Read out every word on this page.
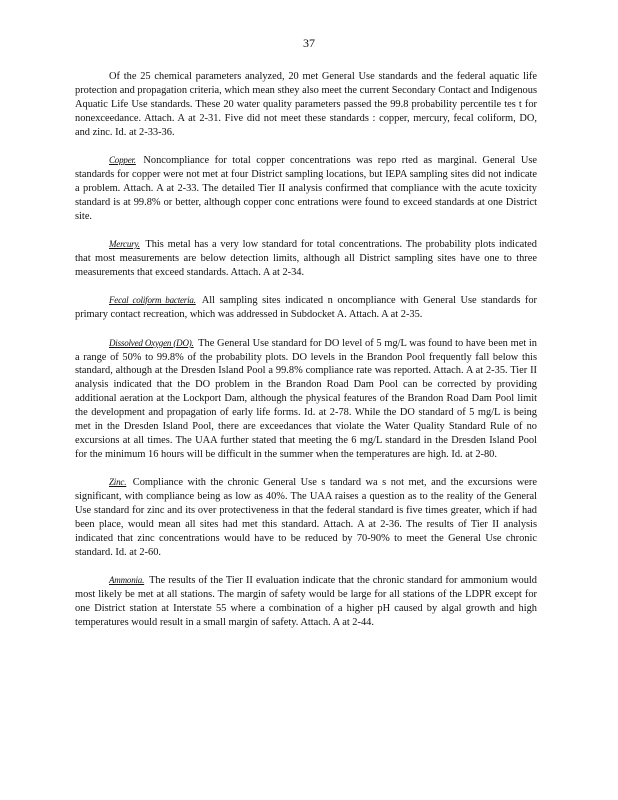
37

Of the 25 chemical parameters analyzed, 20 met General Use standards and the federal aquatic life protection and propagation criteria, which mean sthey also meet the current Secondary Contact and Indigenous Aquatic Life Use standards. These 20 water quality parameters passed the 99.8 probability percentile tes t for nonexceedance. Attach. A at 2-31. Five did not meet these standards : copper, mercury, fecal coliform, DO, and zinc. Id. at 2-33-36.

Copper. Noncompliance for total copper concentrations was repo rted as marginal. General Use standards for copper were not met at four District sampling locations, but IEPA sampling sites did not indicate a problem. Attach. A at 2-33. The detailed Tier II analysis confirmed that compliance with the acute toxicity standard is at 99.8% or better, although copper conc entrations were found to exceed standards at one District site.

Mercury. This metal has a very low standard for total concentrations. The probability plots indicated that most measurements are below detection limits, although all District sampling sites have one to three measurements that exceed standards. Attach. A at 2-34.

Fecal coliform bacteria. All sampling sites indicated n oncompliance with General Use standards for primary contact recreation, which was addressed in Subdocket A. Attach. A at 2-35.

Dissolved Oxygen (DO). The General Use standard for DO level of 5 mg/L was found to have been met in a range of 50% to 99.8% of the probability plots. DO levels in the Brandon Pool frequently fall below this standard, although at the Dresden Island Pool a 99.8% compliance rate was reported. Attach. A at 2-35. Tier II analysis indicated that the DO problem in the Brandon Road Dam Pool can be corrected by providing additional aeration at the Lockport Dam, although the physical features of the Brandon Road Dam Pool limit the development and propagation of early life forms. Id. at 2-78. While the DO standard of 5 mg/L is being met in the Dresden Island Pool, there are exceedances that violate the Water Quality Standard Rule of no excursions at all times. The UAA further stated that meeting the 6 mg/L standard in the Dresden Island Pool for the minimum 16 hours will be difficult in the summer when the temperatures are high. Id. at 2-80.

Zinc. Compliance with the chronic General Use s tandard wa s not met, and the excursions were significant, with compliance being as low as 40%. The UAA raises a question as to the reality of the General Use standard for zinc and its over protectiveness in that the federal standard is five times greater, which if had been place, would mean all sites had met this standard. Attach. A at 2-36. The results of Tier II analysis indicated that zinc concentrations would have to be reduced by 70-90% to meet the General Use chronic standard. Id. at 2-60.

Ammonia. The results of the Tier II evaluation indicate that the chronic standard for ammonium would most likely be met at all stations. The margin of safety would be large for all stations of the LDPR except for one District station at Interstate 55 where a combination of a higher pH caused by algal growth and high temperatures would result in a small margin of safety. Attach. A at 2-44.
